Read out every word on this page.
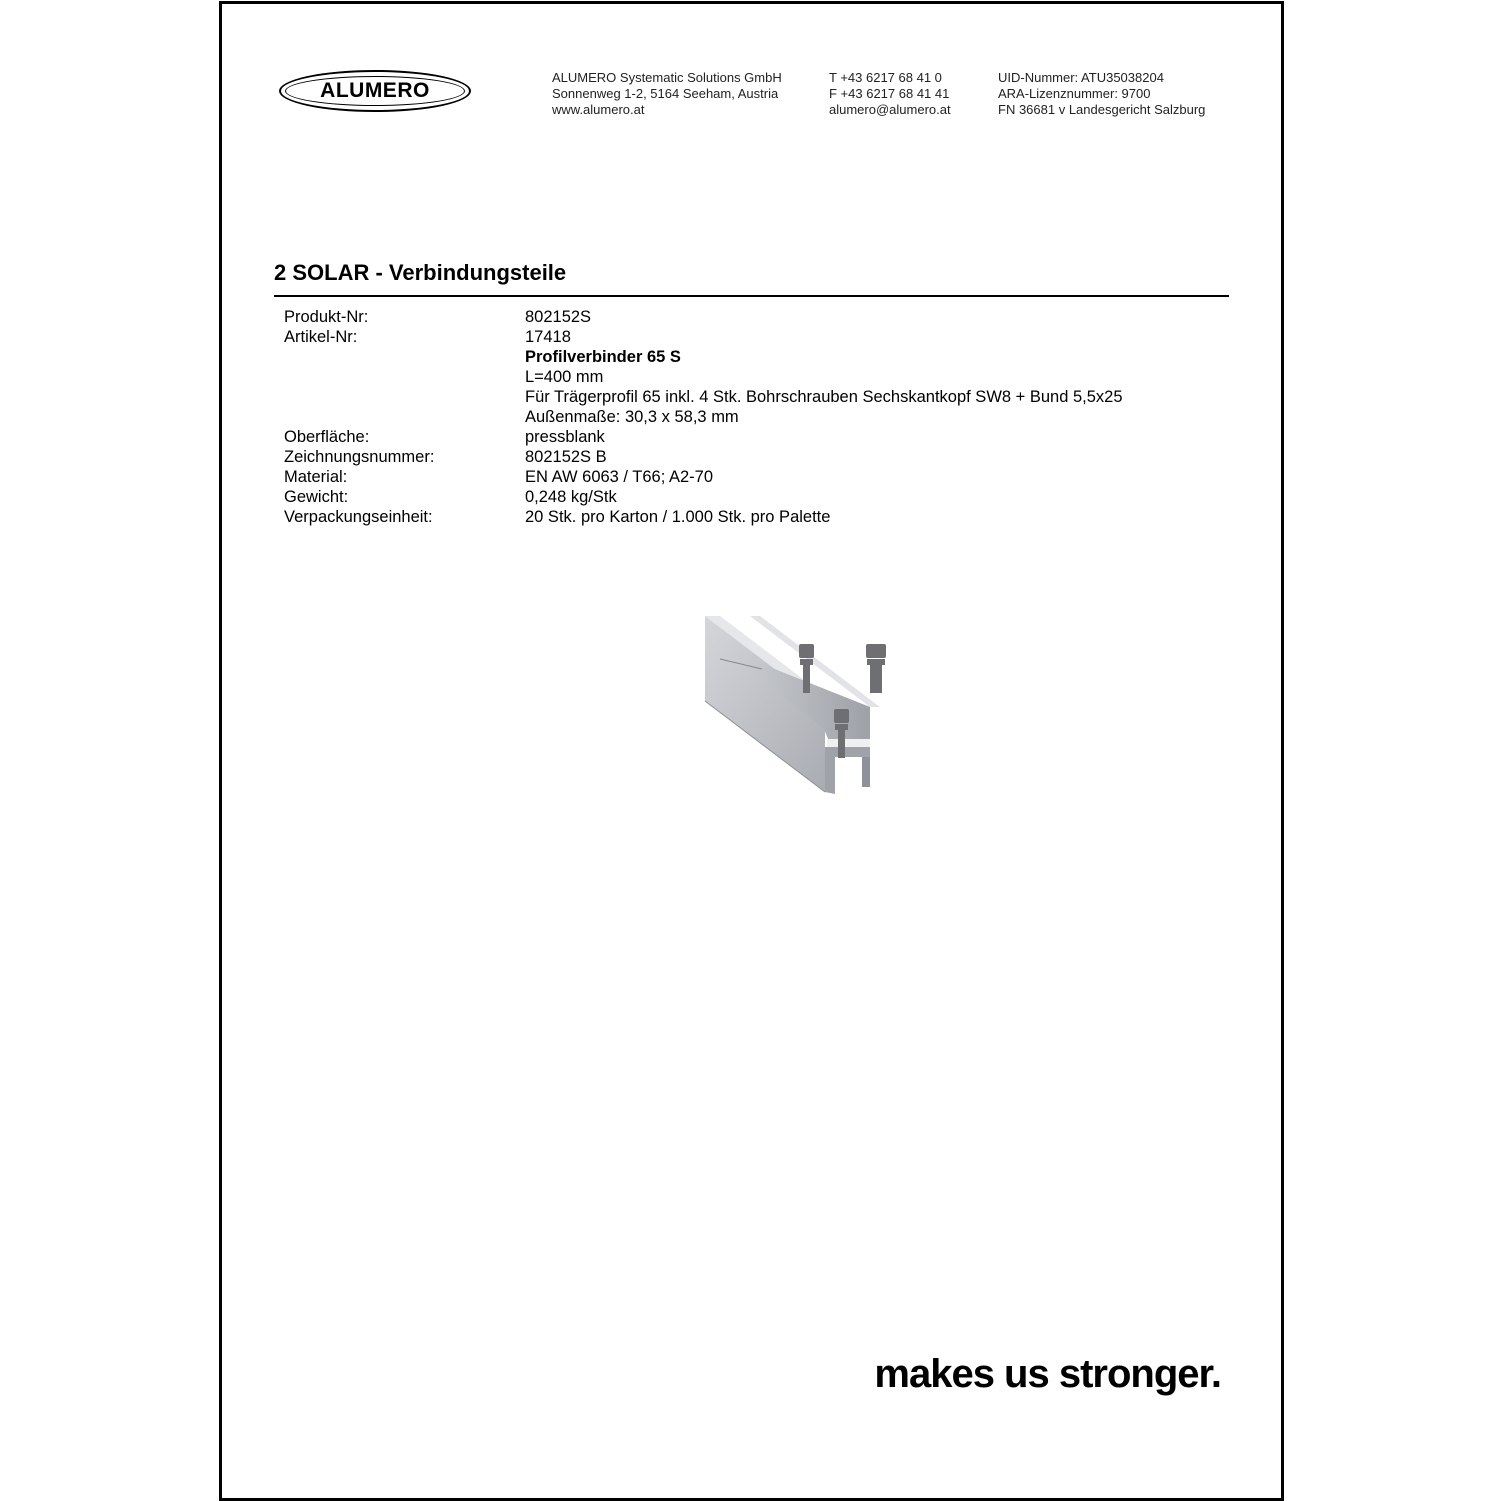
ALUMERO
ALUMERO Systematic Solutions GmbH
Sonnenweg 1-2, 5164 Seeham, Austria
www.alumero.at
T +43 6217 68 41 0
F +43 6217 68 41 41
alumero@alumero.at
UID-Nummer: ATU35038204
ARA-Lizenznummer: 9700
FN 36681 v Landesgericht Salzburg
2 SOLAR - Verbindungsteile
Produkt-Nr:	802152S
Artikel-Nr:	17418
Profilverbinder 65 S
L=400 mm
Für Trägerprofil 65 inkl. 4 Stk. Bohrschrauben Sechskantkopf SW8 + Bund 5,5x25
Außenmaße: 30,3 x 58,3 mm
Oberfläche:	pressblank
Zeichnungsnummer:	802152S B
Material:	EN AW 6063 / T66; A2-70
Gewicht:	0,248 kg/Stk
Verpackungseinheit:	20 Stk. pro Karton / 1.000 Stk. pro Palette
makes us stronger.
